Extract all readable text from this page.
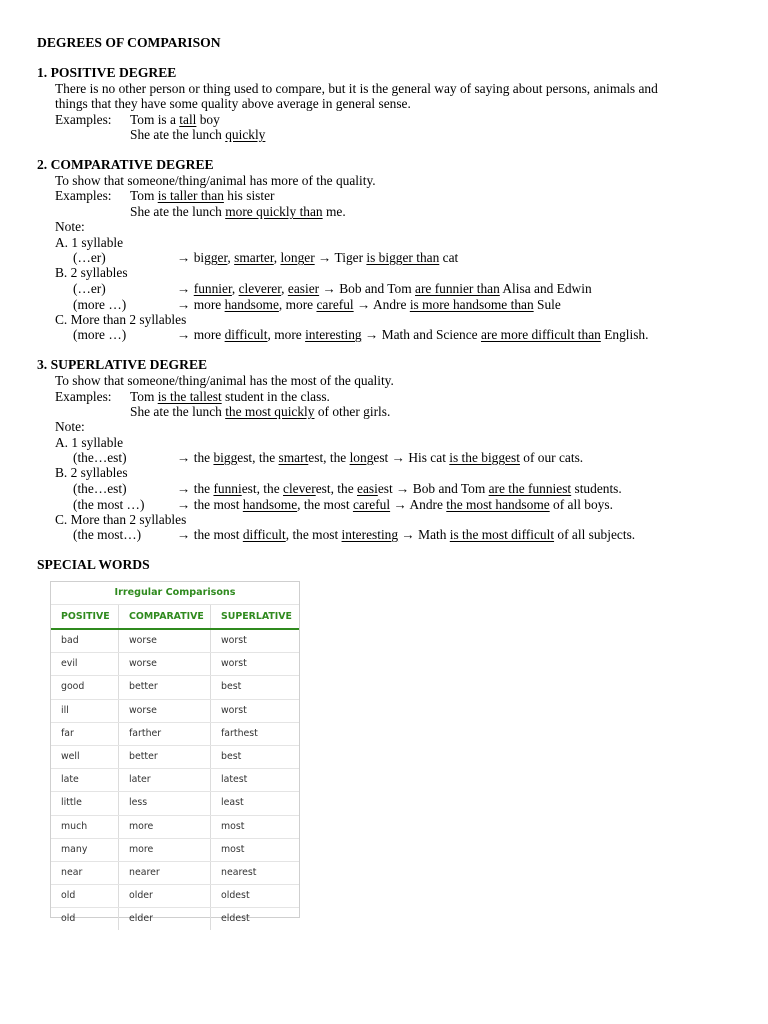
DEGREES OF COMPARISON
1. POSITIVE DEGREE
There is no other person or thing used to compare, but it is the general way of saying about persons, animals and
things that they have some quality above average in general sense.
Examples: Tom is a tall boy
She ate the lunch quickly
2. COMPARATIVE DEGREE
To show that someone/thing/animal has more of the quality.
Examples: Tom is taller than his sister
She ate the lunch more quickly than me.
Note:
A. 1 syllable
(…er)	→ bigger, smarter, longer → Tiger is bigger than cat
B. 2 syllables
(…er)	→ funnier, cleverer, easier → Bob and Tom are funnier than Alisa and Edwin
(more …)	→ more handsome, more careful → Andre is more handsome than Sule
C. More than 2 syllables
(more …)	→ more difficult, more interesting → Math and Science are more difficult than English.
3. SUPERLATIVE DEGREE
To show that someone/thing/animal has the most of the quality.
Examples: Tom is the tallest student in the class.
She ate the lunch the most quickly of other girls.
Note:
A. 1 syllable
(the…est)	→ the biggest, the smartest, the longest → His cat is the biggest of our cats.
B. 2 syllables
(the…est)	→ the funniest, the cleverest, the easiest → Bob and Tom are the funniest students.
(the most …) → the most handsome, the most careful → Andre the most handsome of all boys.
C. More than 2 syllables
(the most…)	→ the most difficult, the most interesting → Math is the most difficult of all subjects.
SPECIAL WORDS
Irregular Comparisons
POSITIVE	COMPARATIVE	SUPERLATIVE
bad	worse	worst
evil	worse	worst
good	better	best
ill	worse	worst
far	farther	farthest
well	better	best
late	later	latest
little	less	least
much	more	most
many	more	most
near	nearer	nearest
old	older	oldest
old	elder	eldest
